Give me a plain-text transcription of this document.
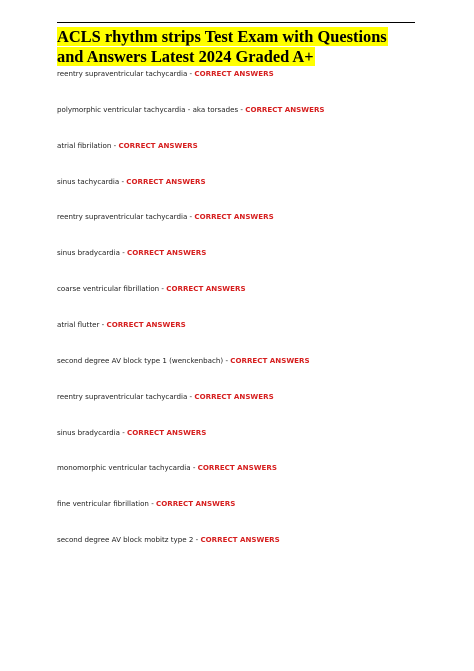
ACLS rhythm strips Test Exam with Questions
and Answers Latest 2024 Graded A+

reentry supraventricular tachycardia - CORRECT ANSWERS

polymorphic ventricular tachycardia - aka torsades - CORRECT ANSWERS

atrial fibrilation - CORRECT ANSWERS

sinus tachycardia - CORRECT ANSWERS

reentry supraventricular tachycardia - CORRECT ANSWERS

sinus bradycardia - CORRECT ANSWERS

coarse ventricular fibrillation - CORRECT ANSWERS

atrial flutter - CORRECT ANSWERS

second degree AV block type 1 (wenckenbach) - CORRECT ANSWERS

reentry supraventricular tachycardia - CORRECT ANSWERS

sinus bradycardia - CORRECT ANSWERS

monomorphic ventricular tachycardia - CORRECT ANSWERS

fine ventricular fibrillation - CORRECT ANSWERS

second degree AV block mobitz type 2 - CORRECT ANSWERS
